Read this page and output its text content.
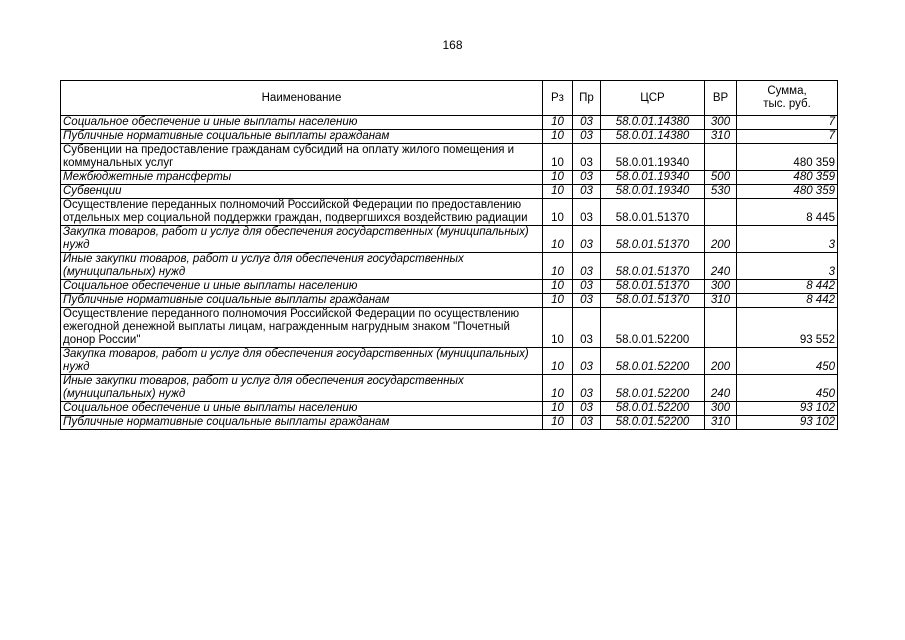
168
Наименование	Рз	Пр	ЦСР	ВР	Сумма,
тыс. руб.

Социальное обеспечение и иные выплаты населению	10	03	58.0.01.14380	300	7
Публичные нормативные социальные выплаты гражданам	10	03	58.0.01.14380	310	7
Субвенции на предоставление гражданам субсидий на оплату жилого помещения и коммунальных услуг	10	03	58.0.01.19340		480 359
Межбюджетные трансферты	10	03	58.0.01.19340	500	480 359
Субвенции	10	03	58.0.01.19340	530	480 359
Осуществление переданных полномочий Российской Федерации по предоставлению отдельных мер социальной поддержки граждан, подвергшихся воздействию радиации	10	03	58.0.01.51370		8 445
Закупка товаров, работ и услуг для обеспечения государственных (муниципальных) нужд	10	03	58.0.01.51370	200	3
Иные закупки товаров, работ и услуг для обеспечения государственных (муниципальных) нужд	10	03	58.0.01.51370	240	3
Социальное обеспечение и иные выплаты населению	10	03	58.0.01.51370	300	8 442
Публичные нормативные социальные выплаты гражданам	10	03	58.0.01.51370	310	8 442
Осуществление переданного полномочия Российской Федерации по осуществлению ежегодной денежной выплаты лицам, награжденным нагрудным знаком "Почетный донор России"	10	03	58.0.01.52200		93 552
Закупка товаров, работ и услуг для обеспечения государственных (муниципальных) нужд	10	03	58.0.01.52200	200	450
Иные закупки товаров, работ и услуг для обеспечения государственных (муниципальных) нужд	10	03	58.0.01.52200	240	450
Социальное обеспечение и иные выплаты населению	10	03	58.0.01.52200	300	93 102
Публичные нормативные социальные выплаты гражданам	10	03	58.0.01.52200	310	93 102
